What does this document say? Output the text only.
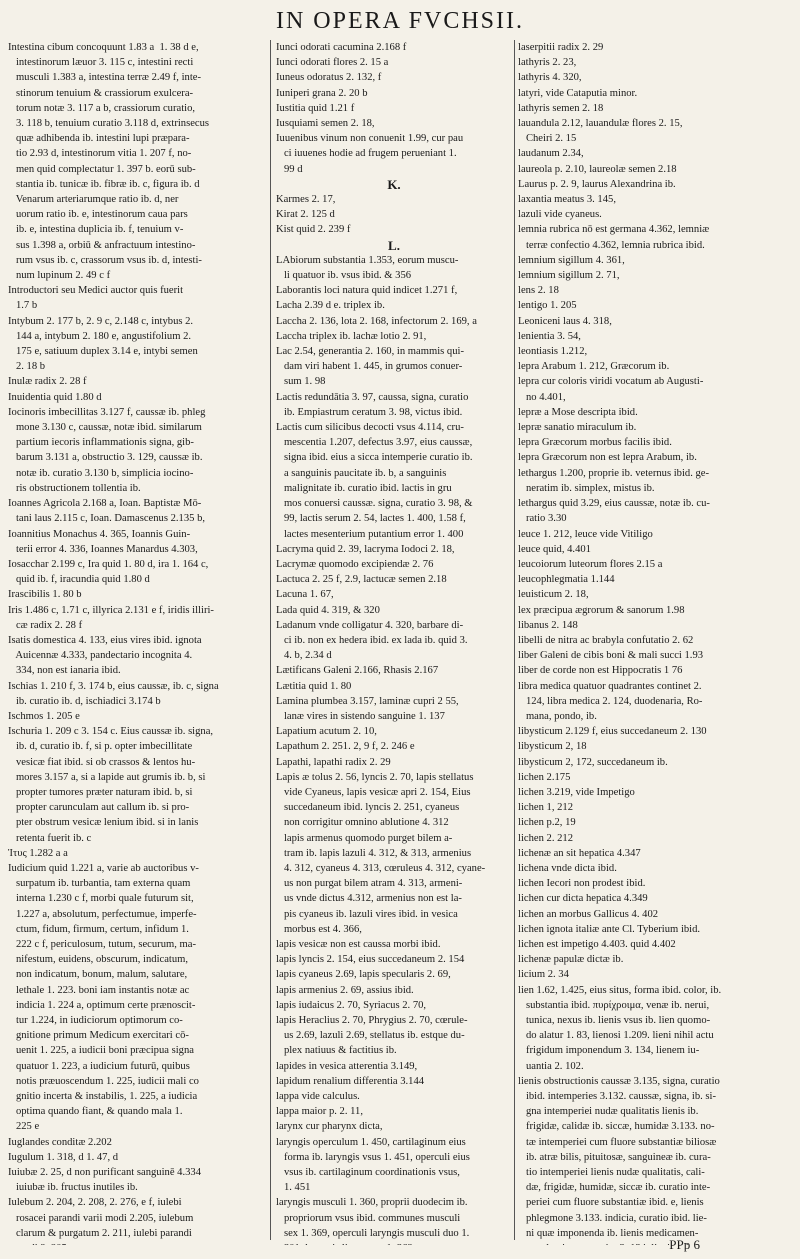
IN OPERA FVCHSII.
Intestina cibum concoquunt 1.83 a  1. 38 d e,
intestinorum læuor 3. 115 c, intestini recti
musculi 1.383 a, intestina terræ 2.49 f, inte-
stinorum tenuium & crassiorum exulcera-
torum notæ 3. 117 a b, crassiorum curatio,
3. 118 b, tenuium curatio 3.118 d, extrinsecus
quæ adhibenda ib. intestini lupi præpara-
tio 2.93 d, intestinorum vitia 1. 207 f, no-
men quid complectatur 1. 397 b. eorū sub-
stantia ib. tunicæ ib. fibræ ib. c, figura ib. d
Venarum arteriarumque ratio ib. d, ner
uorum ratio ib. e, intestinorum caua pars
ib. e, intestina duplicia ib. f, tenuium v-
sus 1.398 a, orbiū & anfractuum intestino-
rum vsus ib. c, crassorum vsus ib. d, intesti-
num lupinum 2. 49 c f
Introductori seu Medici auctor quis fuerit
1.7 b
Intybum 2. 177 b, 2. 9 c, 2.148 c, intybus 2.
144 a, intybum 2. 180 e, angustifolium 2.
175 e, satiuum duplex 3.14 e, intybi semen
2. 18 b
Inulæ radix 2. 28 f
Inuidentia quid 1.80 d
Iocinoris imbecillitas 3.127 f, caussæ ib. phleg
mone 3.130 c, caussæ, notæ ibid. similarum
partium iecoris inflammationis signa, gib-
barum 3.131 a, obstructio 3. 129, caussæ ib.
notæ ib. curatio 3.130 b, simplicia iocino-
ris obstructionem tollentia ib.
Ioannes Agricola 2.168 a, Ioan. Baptistæ Mō-
tani laus 2.115 c, Ioan. Damascenus 2.135 b,
Ioannitius Monachus 4. 365, Ioannis Guin-
terii error 4. 336, Ioannes Manardus 4.303,
Iosacchar 2.199 c, Ira quid 1. 80 d, ira 1. 164 c,
quid ib. f, iracundia quid 1.80 d
Irascibilis 1. 80 b
Iris 1.486 c, 1.71 c, illyrica 2.131 e f, iridis illiri-
cæ radix 2. 28 f
Isatis domestica 4. 133, eius vires ibid. ignota
Auicennæ 4.333, pandectario incognita 4.
334, non est ianaria ibid.
Ischias 1. 210 f, 3. 174 b, eius caussæ, ib. c, signa
ib. curatio ib. d, ischiadici 3.174 b
Ischmos 1. 205 e
Ischuria 1. 209 c 3. 154 c. Eius caussæ ib. signa,
ib. d, curatio ib. f, si p. opter imbecillitate
vesicæ fiat ibid. si ob crassos & lentos hu-
mores 3.157 a, si a lapide aut grumis ib. b, si
propter tumores præter naturam ibid. b, si
propter carunculam aut callum ib. si pro-
pter obstrum vesicæ lenium ibid. si in lanis
retenta fuerit ib. c
Ἰτυς 1.282 a a
Iudicium quid 1.221 a, varie ab auctoribus v-
surpatum ib. turbantia, tam externa quam
interna 1.230 c f, morbi quale futurum sit,
1.227 a, absolutum, perfectumue, imperfe-
ctum, fidum, firmum, certum, infidum 1.
222 c f, periculosum, tutum, securum, ma-
nifestum, euidens, obscurum, indicatum,
non indicatum, bonum, malum, salutare,
lethale 1. 223. boni iam instantis notæ ac
indicia 1. 224 a, optimum certe prænoscit-
tur 1.224, in iudiciorum optimorum co-
gnitione primum Medicum exercitari cō-
uenit 1. 225, a iudicii boni præcipua signa
quatuor 1. 223, a iudicium futurū, quibus
notis præuoscendum 1. 225, iudicii mali co
gnitio incerta & instabilis, 1. 225, a iudicia
optima quando fiant, & quando mala 1.
225 e
Iuglandes conditæ 2.202
Iugulum 1. 318, d 1. 47, d
Iuiubæ 2. 25, d non purificant sanguinē 4.334
iuiubæ ib. fructus inutiles ib.
Iulebum 2. 204, 2. 208, 2. 276, e f, iulebi
rosacei parandi varii modi 2.205, iulebum
clarum & purgatum 2. 211, iulebi parandi
Iunci odorati cacumina 2.168 f
Iunci odorati flores 2. 15 a
Iuneus odoratus 2. 132, f
Iuniperi grana 2. 20 b
Iustitia quid 1.21 f
Iusquiami semen 2. 18,
Iuuenibus vinum non conuenit 1.99, cur pau
ci iuuenes hodie ad frugem perueniant 1.
99 d
K.
Karmes 2. 17,
Kirat 2. 125 d
Kist quid 2. 239 f
L.
LAbiorum substantia 1.353, eorum muscu-
li quatuor ib. vsus ibid. & 356
Laborantis loci natura quid indicet 1.271 f,
Lacha 2.39 d e. triplex ib.
Laccha 2. 136, lota 2. 168, infectorum 2. 169, a
Laccha triplex ib. lachæ lotio 2. 91,
Lac 2.54, generantia 2. 160, in mammis qui-
dam viri habent 1. 445, in grumos conuer-
sum 1. 98
Lactis redundātia 3. 97, caussa, signa, curatio
ib. Empiastrum ceratum 3. 98, victus ibid.
Lactis cum silicibus decocti vsus 4.114, cru-
mescentia 1.207, defectus 3.97, eius caussæ,
signa ibid. eius a sicca intemperie curatio ib.
a sanguinis paucitate ib. b, a sanguinis
malignitate ib. curatio ibid. lactis in gru
mos conuersi caussæ. signa, curatio 3. 98, &
99, lactis serum 2. 54, lactes 1. 400, 1.58 f,
lactes mesenterium putantium error 1. 400
Lacryma quid 2. 39, lacryma Iodoci 2. 18,
Lacrymæ quomodo excipiendæ 2. 76
Lactuca 2. 25 f, 2.9, lactucæ semen 2.18
Lacuna 1. 67,
Lada quid 4. 319, & 320
Ladanum vnde colligatur 4. 320, barbare di-
ci ib. non ex hedera ibid. ex lada ib. quid 3.
4. b, 2.34 d
Lætificans Galeni 2.166, Rhasis 2.167
Lætitia quid 1. 80
Lamina plumbea 3.157, laminæ cupri 2 55,
lanæ vires in sistendo sanguine 1. 137
Lapatium acutum 2. 10,
Lapathum 2. 251. 2, 9 f, 2. 246 e
Lapathi, lapathi radix 2. 29
Lapis æ tolus 2. 56, lyncis 2. 70, lapis stellatus
vide Cyaneus, lapis vesicæ apri 2. 154, Eius
succedaneum ibid. lyncis 2. 251, cyaneus
non corrigitur omnino ablutione 4. 312
lapis armenus quomodo purget bilem a-
tram ib. lapis lazuli 4. 312, & 313, armenius
4. 312, cyaneus 4. 313, cœruleus 4. 312, cyane-
us non purgat bilem atram 4. 313, armeni-
us vnde dictus 4.312, armenius non est la-
pis cyaneus ib. lazuli vires ibid. in vesica
morbus est 4. 366,
lapis vesicæ non est caussa morbi ibid.
lapis lyncis 2. 154, eius succedaneum 2. 154
lapis cyaneus 2.69, lapis specularis 2. 69,
lapis armenius 2. 69, assius ibid.
lapis iudaicus 2. 70, Syriacus 2. 70,
lapis Heraclius 2. 70, Phrygius 2. 70, cœrule-
us 2.69, lazuli 2.69, stellatus ib. estque du-
plex natiuus & factitius ib.
lapides in vesica atterentia 3.149,
lapidum renalium differentia 3.144
lappa vide calculus.
lappa maior p. 2. 11,
larynx cur pharynx dicta,
laryngis operculum 1. 450, cartilaginum eius
forma ib. laryngis vsus 1. 451, operculi eius
vsus ib. cartilaginum coordinationis vsus,
1. 451
laryngis musculi 1. 360, proprii duodecim ib.
propriorum vsus ibid. communes musculi
sex 1. 369, operculi laryngis musculi duo 1.
laserpitii radix 2. 29
lathyris 2. 23,
lathyris 4. 320,
latyri, vide Cataputia minor.
lathyris semen 2. 18
lauandula 2.12, lauandulæ flores 2. 15,
Cheiri 2. 15
laudanum 2.34,
laureola p. 2.10, laureolæ semen 2.18
Laurus p. 2. 9, laurus Alexandrina ib.
laxantia meatus 3. 145,
lazuli vide cyaneus.
lemnia rubrica nō est germana 4.362, lemniæ
terræ confectio 4.362, lemnia rubrica ibid.
lemnium sigillum 4. 361,
lemnium sigillum 2. 71,
lens 2. 18
lentigo 1. 205
Leoniceni laus 4. 318,
lenientia 3. 54,
leontiasis 1.212,
lepra Arabum 1. 212, Græcorum ib.
lepra cur coloris viridi vocatum ab Augusti-
no 4.401,
lepræ a Mose descripta ibid.
lepræ sanatio miraculum ib.
lepra Græcorum morbus facilis ibid.
lepra Græcorum non est lepra Arabum, ib.
lethargus 1.200, proprie ib. veternus ibid. ge-
neratim ib. simplex, mistus ib.
lethargus quid 3.29, eius caussæ, notæ ib. cu-
ratio 3.30
leuce 1. 212, leuce vide Vitiligo
leuce quid, 4.401
leucoiorum luteorum flores 2.15 a
leucophlegmatia 1.144
leuisticum 2. 18,
lex præcipua ægrorum & sanorum 1.98
libanus 2. 148
libelli de nitra ac brabyla confutatio 2. 62
liber Galeni de cibis boni & mali succi 1.93
liber de corde non est Hippocratis 1 76
libra medica quatuor quadrantes continet 2.
124, libra medica 2. 124, duodenaria, Ro-
mana, pondo, ib.
libysticum 2.129 f, eius succedaneum 2. 130
libysticum 2, 18
libysticum 2, 172, succedaneum ib.
lichen 2.175
lichen 3.219, vide Impetigo
lichen 1, 212
lichen p.2, 19
lichen 2. 212
lichenæ an sit hepatica 4.347
lichena vnde dicta ibid.
lichen Iecori non prodest ibid.
lichen cur dicta hepatica 4.349
lichen an morbus Gallicus 4. 402
lichen ignota italiæ ante Cl. Tyberium ibid.
lichen est impetigo 4.403. quid 4.402
lichenæ papulæ dictæ ib.
licium 2. 34
lien 1.62, 1.425, eius situs, forma ibid. color, ib.
substantia ibid. πυρίχροιμα, venæ ib. nerui,
tunica, nexus ib. lienis vsus ib. lien quomo-
do alatur 1. 83, lienosi 1.209. lieni nihil actu
frigidum imponendum 3. 134, lienem iu-
uantia 2. 102.
lienis obstructionis caussæ 3.135, signa, curatio
ibid. intemperies 3.132. caussæ, signa, ib. si-
gna intemperiei nudæ qualitatis lienis ib.
frigidæ, calidæ ib. siccæ, humidæ 3.133. no-
tæ intemperiei cum fluore substantiæ biliosæ
ib. atræ bilis, pituitosæ, sanguineæ ib. cura-
tio intemperiei lienis nudæ qualitatis, cali-
dæ, frigidæ, humidæ, siccæ ib. curatio inte-
periei cum fluore substantiæ ibid. e, lienis
phlegmone 3.133. indicia, curatio ibid. lie-
ni quæ imponenda ib. lienis medicamen-
PPp 6
